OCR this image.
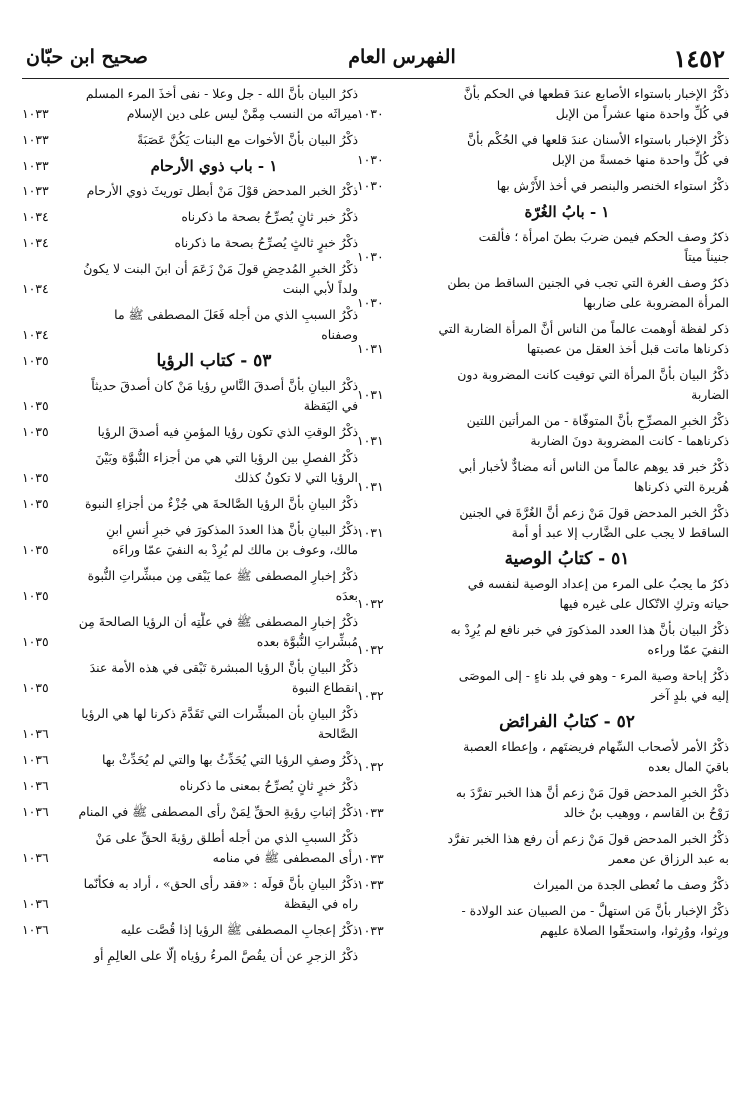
١٤٥٢
الفهرس العام
صحيح ابن حبّان
ذكْرُ الإخبار باستواء الأصابع عندَ قطعها في الحكم بأنَّ
في كُلِّ واحدة منها عشراً من الإبل
١٠٣٠
ذكْرُ الإخبار باستواء الأسنان عندَ قلعها في الحُكْم بأنَّ
في كُلِّ واحدة منها خمسةً من الإبل
١٠٣٠
ذكْرُ استواء الخنصر والبنصر في أخذ الأَرْش بها
١٠٣٠
١ - بابُ الغُرّة
ذكرُ وصف الحكم فيمن ضربَ بطنَ امرأة ؛ فألقت
جنيناً ميتاً
١٠٣٠
ذكرُ وصف الغرة التي تجب في الجنين الساقط من بطن
المرأة المضروبة على ضاربها
١٠٣٠
ذكر لفظة أوهمت عالماً من الناس أنَّ المرأة الضاربة التي
ذكرناها ماتت قبل أخذ العقل من عصبتها
١٠٣١
ذكْرُ البيان بأنَّ المرأة التي توفيت كانت المضروبة دون
الضاربة
١٠٣١
ذكْرُ الخبرِ المصرِّحِ بأنَّ المتوفّاة - من المرأتين اللتين
ذكرناهما - كانت المضروبة دونَ الضاربة
١٠٣١
ذكْرُ خبر قد يوهم عالماً من الناس أنه مضادٌّ لأخبار أبي
هُريرة التي ذكرناها
١٠٣١
ذكْرُ الخبر المدحض قولَ مَنْ زعم أنَّ الغُرَّةَ في الجنين
الساقط لا يجب على الضَّارب إلا عبد أو أمة
١٠٣١
٥١ - كتابُ الوصية
ذكرُ ما يجبُ على المرء من إعداد الوصية لنفسه في
حياته وتركِ الاتّكال على غيره فيها
١٠٣٢
ذكْرُ البيان بأنَّ هذا العدد المذكورَ في خبر نافع لم يُرِدْ به
النفيَ عمّا وراءه
١٠٣٢
ذكْرُ إباحة وصية المرء - وهو في بلد ناءٍ - إلى الموصَى
إليه في بلدٍ آخر
١٠٣٢
٥٢ - كتابُ الفرائض
ذكْرُ الأمر لأصحاب السِّهام فريضتَهم ، وإعطاء العصبة
باقيَ المال بعده
١٠٣٢
ذكْرُ الخبرِ المدحض قولَ مَنْ زعم أنَّ هذا الخبر تفرَّدَ به
رَوْحُ بن القاسم ، ووهيب بنُ خالد
١٠٣٣
ذكْرُ الخبر المدحض قولَ مَنْ زعم أن رفع هذا الخبر تفرَّد
به عبد الرزاق عن معمر
١٠٣٣
ذكْرُ وصف ما تُعطى الجدة من الميراث
١٠٣٣
ذكْرُ الإخبار بأنَّ مَن استهلَّ - من الصبيان عند الولادة -
ورِثوا، ووُرِثوا، واستحقّوا الصلاة عليهم
١٠٣٣
ذكرُ البيان بأنَّ الله - جل وعلا - نفى أخذَ المرء المسلم
ميراثَه من النسب مِمَّنْ ليس على دين الإسلام
١٠٣٣
ذكْرُ البيان بأنَّ الأخوات مع البنات يَكُنَّ عَصَبَةً
١٠٣٣
١ - باب ذوي الأرحام
١٠٣٣
ذكْرُ الخبر المدحض قوْلَ مَنْ أبطل توريثَ ذوي الأرحام
١٠٣٣
ذكْرُ خبر ثانٍ يُصرِّحُ بصحة ما ذكرناه
١٠٣٤
ذكْرُ خبرٍ ثالثٍ يُصرِّحُ بصحة ما ذكرناه
١٠٣٤
ذكْرُ الخبرِ المُدحِضِ قولَ مَنْ زَعَمَ أن ابنَ البنت لا يكونُ
ولداً لأبي البنت
١٠٣٤
ذكْرُ السببِ الذي من أجله فَعَلَ المصطفى ﷺ ما
وصفناه
١٠٣٤
٥٣ - كتاب الرؤيا
١٠٣٥
ذكْرُ البيانِ بأنَّ أصدقَ النَّاسِ رؤيا مَنْ كان أصدقَ حديثاً
في اليَقظة
١٠٣٥
ذكْرُ الوقتِ الذي تكون رؤيا المؤمنِ فيه أصدقَ الرؤيا
١٠٣٥
ذكْرُ الفصلِ بين الرؤيا التي هي من أجزاء النُّبوَّة وبَيْنَ
الرؤيا التي لا تكونُ كذلك
١٠٣٥
ذكْرُ البيانِ بأنَّ الرؤيا الصَّالحةَ هي جُزْءٌ من أجزاءِ النبوة
١٠٣٥
ذكْرُ البيانِ بأنَّ هذا العددَ المذكورَ في خبرِ أنسِ ابنِ
مالك، وعوف بن مالك لم يُرِدْ به النفيَ عمّا وراءَه
١٠٣٥
ذكْرُ إخبارِ المصطفى ﷺ عما يَبْقى مِن مبشِّراتِ النُّبوة
بعدَه
١٠٣٥
ذكْرُ إخبارِ المصطفى ﷺ في علَّتِه أن الرؤيا الصالحةَ مِن
مُبشِّراتِ النُّبوَّة بعده
١٠٣٥
ذكْرُ البيانِ بأنَّ الرؤيا المبشرة تَبْقى في هذه الأمة عندَ
انقطاع النبوة
١٠٣٥
ذكْرُ البيانِ بأن المبشِّرات التي تَقَدَّمَ ذكرنا لها هي الرؤيا
الصَّالحة
١٠٣٦
ذكْرُ وصفِ الرؤيا التي يُحَدِّثُ بها والتي لم يُحَدِّثْ بها
١٠٣٦
ذكْرُ خبرٍ ثانٍ يُصرِّحُ بمعنى ما ذكرناه
١٠٣٦
ذكْرُ إثباتِ رؤيةِ الحقِّ لِمَنْ رأى المصطفى ﷺ في المنام
١٠٣٦
ذكْرُ السببِ الذي من أجله أطلق رؤيةَ الحقِّ على مَنْ
رأى المصطفى ﷺ في منامه
١٠٣٦
ذكْرُ البيانِ بأنَّ قولَه : «فقد رأى الحق» ، أراد به فكأنّما
راه في اليقظة
١٠٣٦
ذكْرُ إعجابِ المصطفى ﷺ الرؤيا إذا قُصَّت عليه
١٠٣٦
ذكْرُ الزجرِ عن أن يقُصَّ المرءُ رؤياه إلّا على العالِمِ أو
